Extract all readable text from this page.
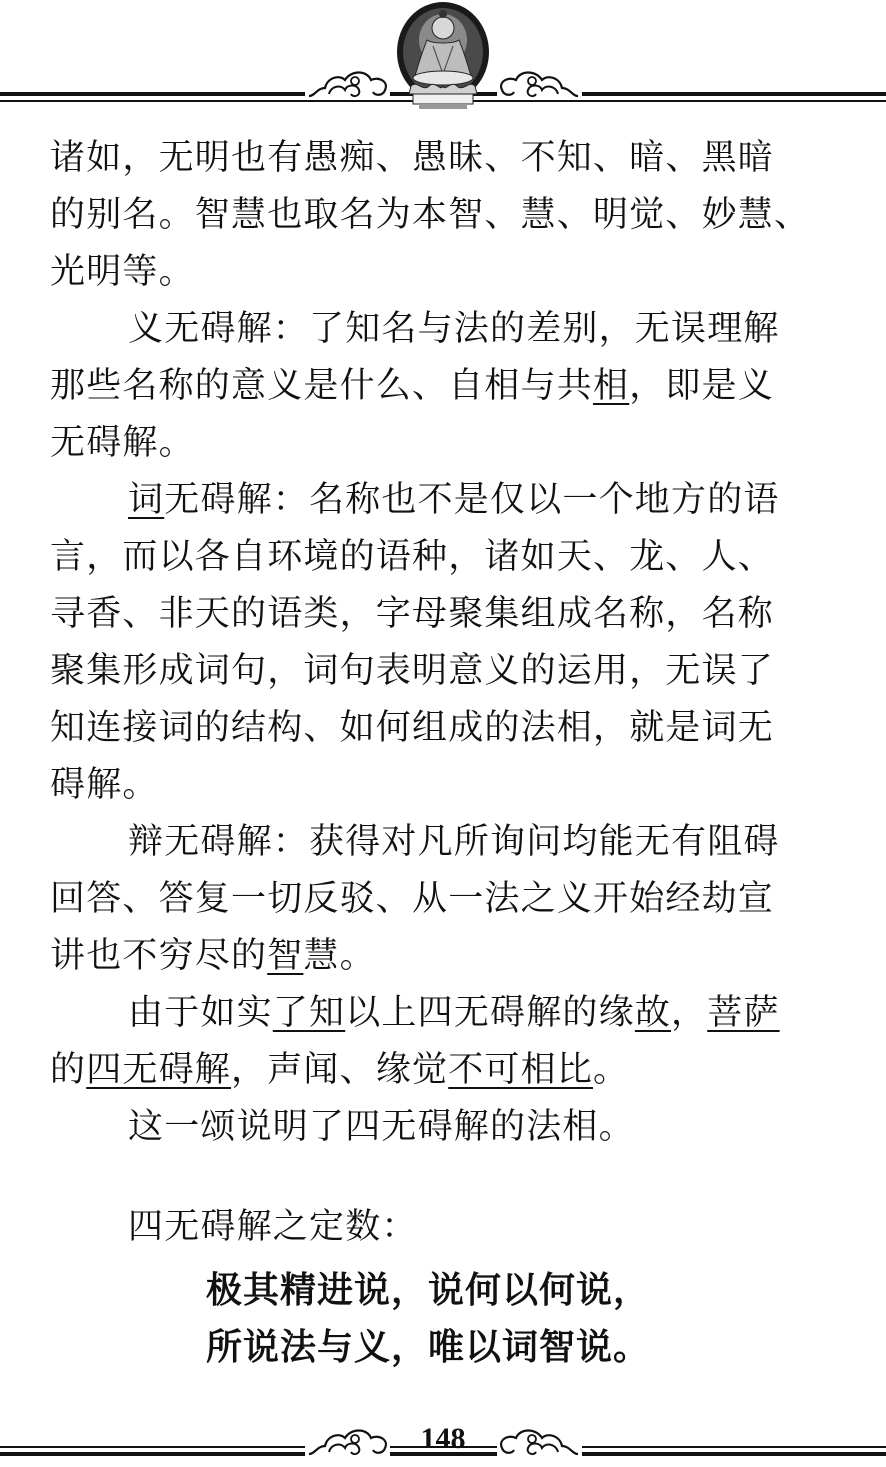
诸如，无明也有愚痴、愚昧、不知、暗、黑暗
的别名。智慧也取名为本智、慧、明觉、妙慧、
光明等。
义无碍解：了知名与法的差别，无误理解
那些名称的意义是什么、自相与共相，即是义
无碍解。
词无碍解：名称也不是仅以一个地方的语
言，而以各自环境的语种，诸如天、龙、人、
寻香、非天的语类，字母聚集组成名称，名称
聚集形成词句，词句表明意义的运用，无误了
知连接词的结构、如何组成的法相，就是词无
碍解。
辩无碍解：获得对凡所询问均能无有阻碍
回答、答复一切反驳、从一法之义开始经劫宣
讲也不穷尽的智慧。
由于如实了知以上四无碍解的缘故，菩萨
的四无碍解，声闻、缘觉不可相比。
这一颂说明了四无碍解的法相。
四无碍解之定数：
极其精进说，说何以何说，
所说法与义，唯以词智说。
148
